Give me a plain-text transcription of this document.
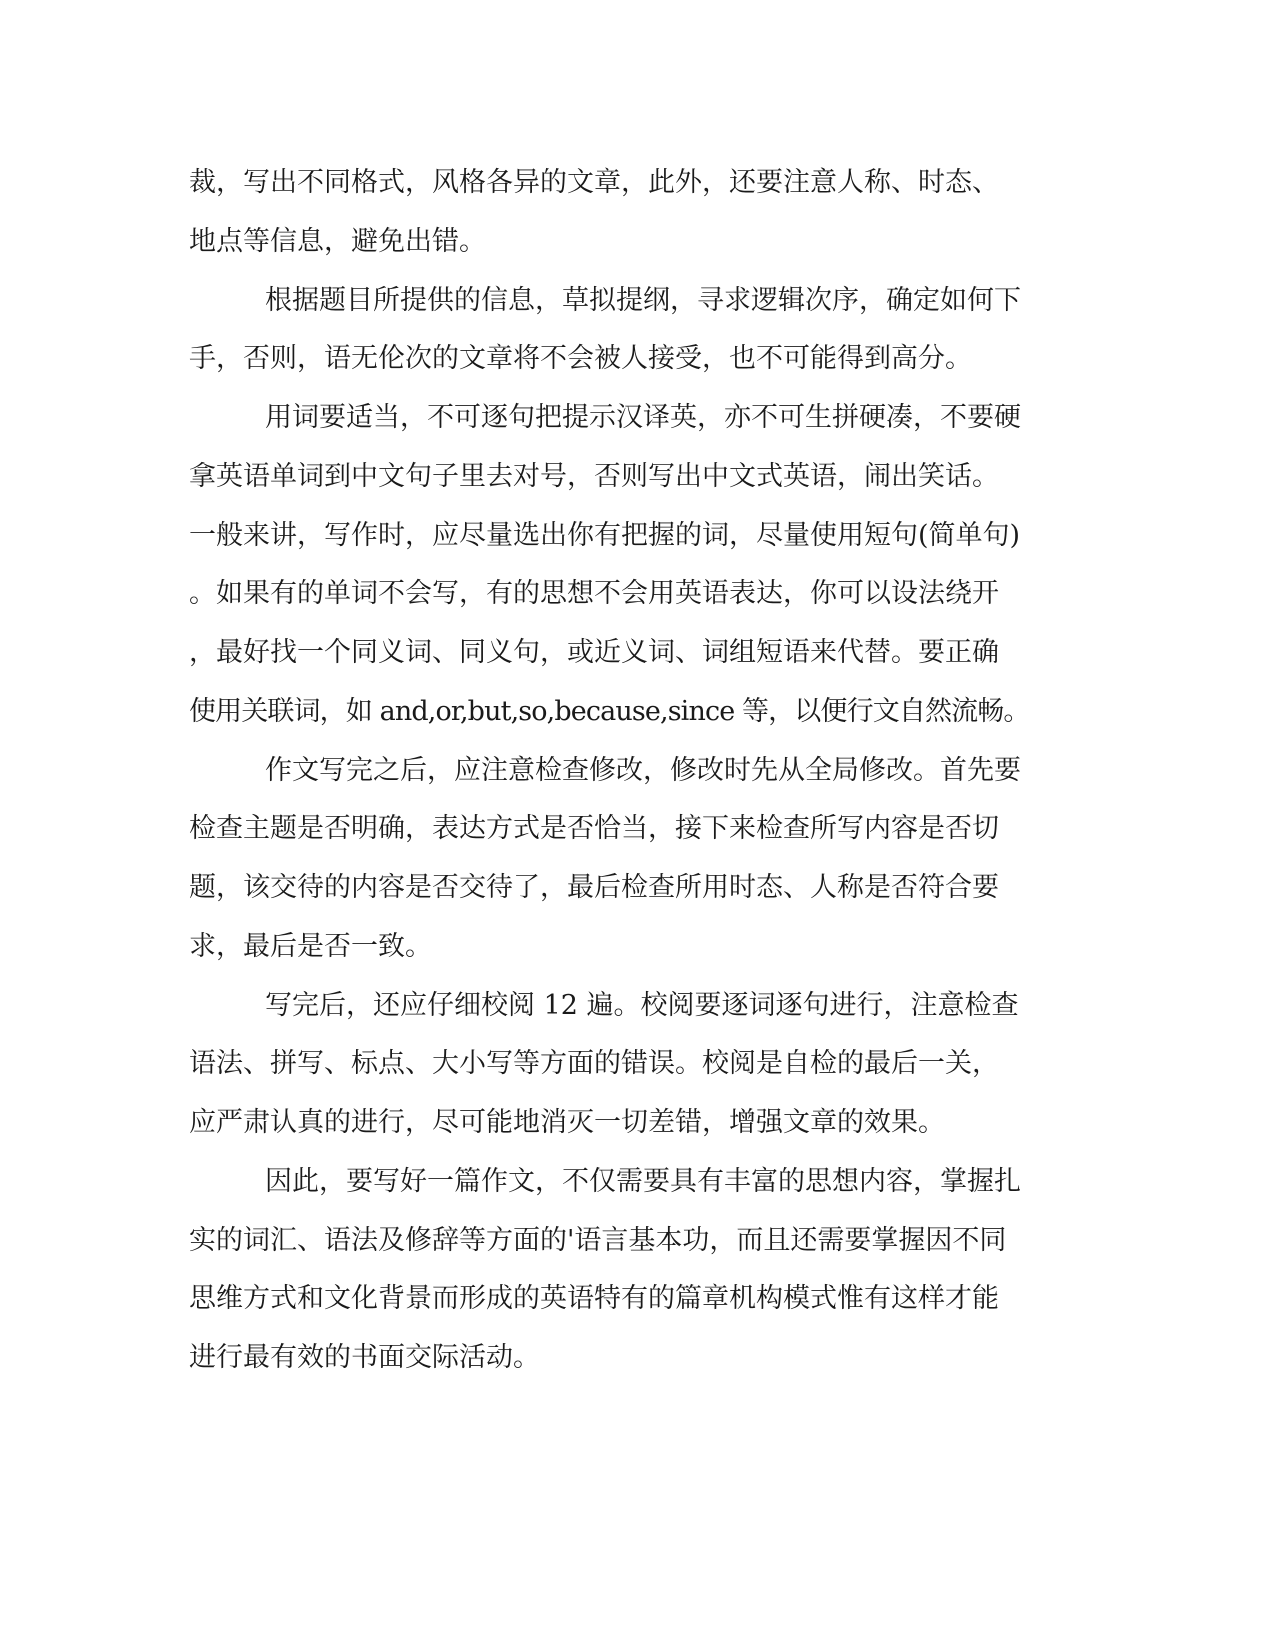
裁，写出不同格式，风格各异的文章，此外，还要注意人称、时态、

地点等信息，避免出错。

根据题目所提供的信息，草拟提纲，寻求逻辑次序，确定如何下

手，否则，语无伦次的文章将不会被人接受，也不可能得到高分。

用词要适当，不可逐句把提示汉译英，亦不可生拼硬凑，不要硬

拿英语单词到中文句子里去对号，否则写出中文式英语，闹出笑话。

一般来讲，写作时，应尽量选出你有把握的词，尽量使用短句(简单句)

。如果有的单词不会写，有的思想不会用英语表达，你可以设法绕开

，最好找一个同义词、同义句，或近义词、词组短语来代替。要正确

使用关联词，如 and,or,but,so,because,since 等，以便行文自然流畅。

作文写完之后，应注意检查修改，修改时先从全局修改。首先要

检查主题是否明确，表达方式是否恰当，接下来检查所写内容是否切

题，该交待的内容是否交待了，最后检查所用时态、人称是否符合要

求，最后是否一致。

写完后，还应仔细校阅 12 遍。校阅要逐词逐句进行，注意检查

语法、拼写、标点、大小写等方面的错误。校阅是自检的最后一关，

应严肃认真的进行，尽可能地消灭一切差错，增强文章的效果。

因此，要写好一篇作文，不仅需要具有丰富的思想内容，掌握扎

实的词汇、语法及修辞等方面的'语言基本功，而且还需要掌握因不同

思维方式和文化背景而形成的英语特有的篇章机构模式惟有这样才能

进行最有效的书面交际活动。
